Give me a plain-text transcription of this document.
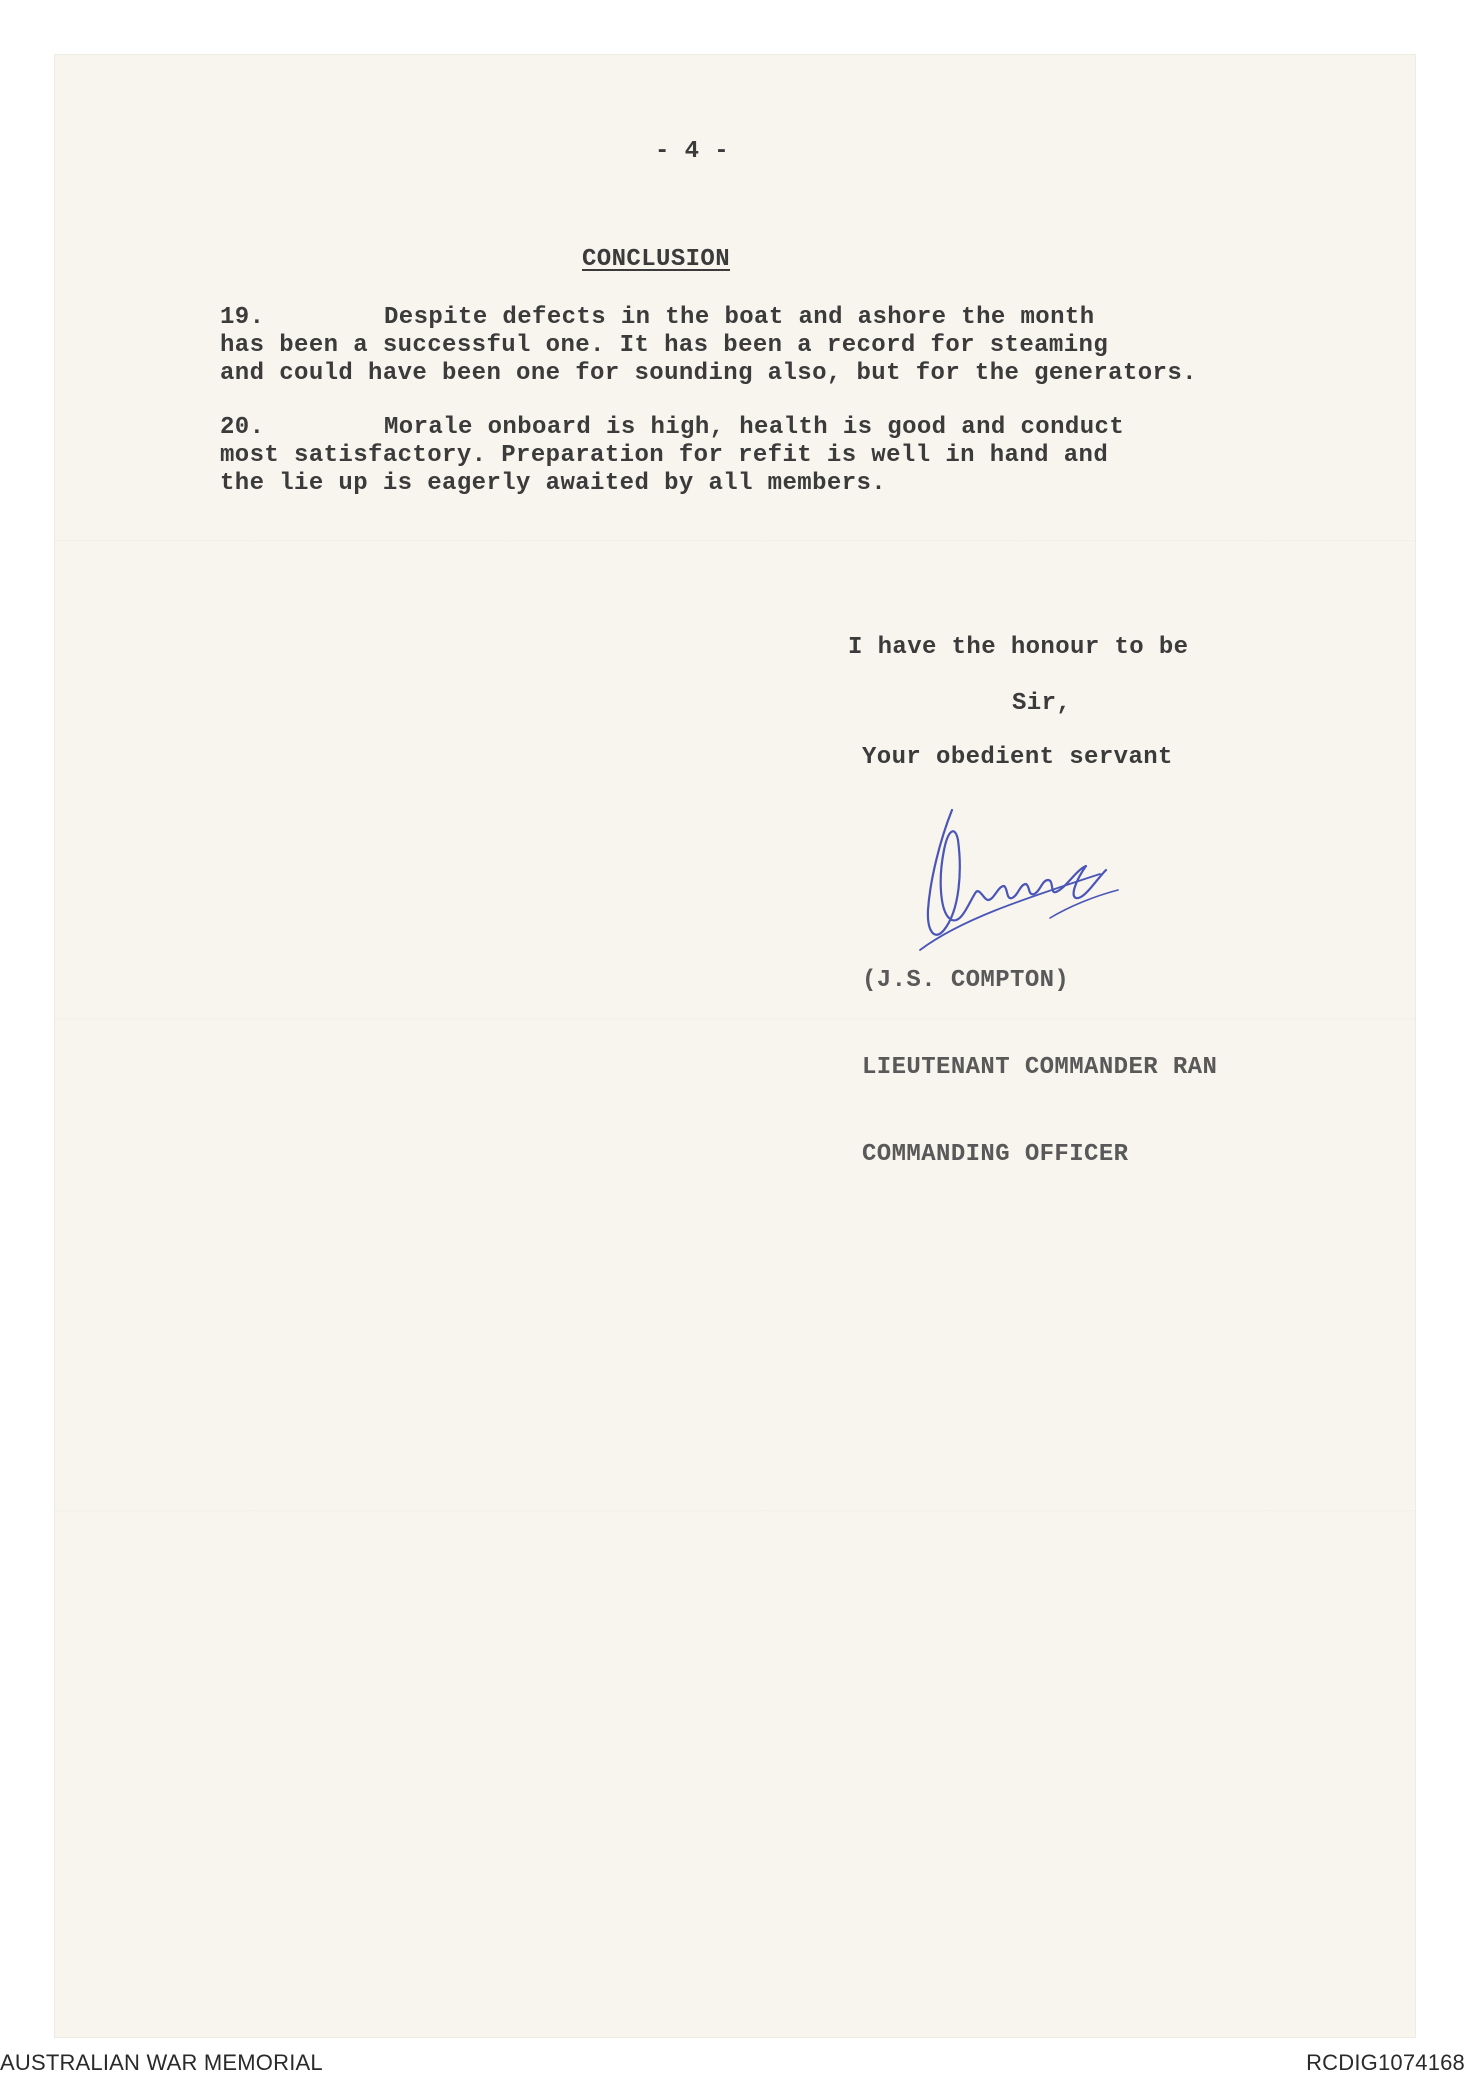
- 4 -
CONCLUSION
19.	Despite defects in the boat and ashore the month
has been a successful one. It has been a record for steaming
and could have been one for sounding also, but for the generators.
20.	Morale onboard is high, health is good and conduct
most satisfactory. Preparation for refit is well in hand and
the lie up is eagerly awaited by all members.
I have the honour to be
Sir,
Your obedient servant

(J.S. COMPTON)

LIEUTENANT COMMANDER RAN

COMMANDING OFFICER

AUSTRALIAN WAR MEMORIAL	RCDIG1074168
